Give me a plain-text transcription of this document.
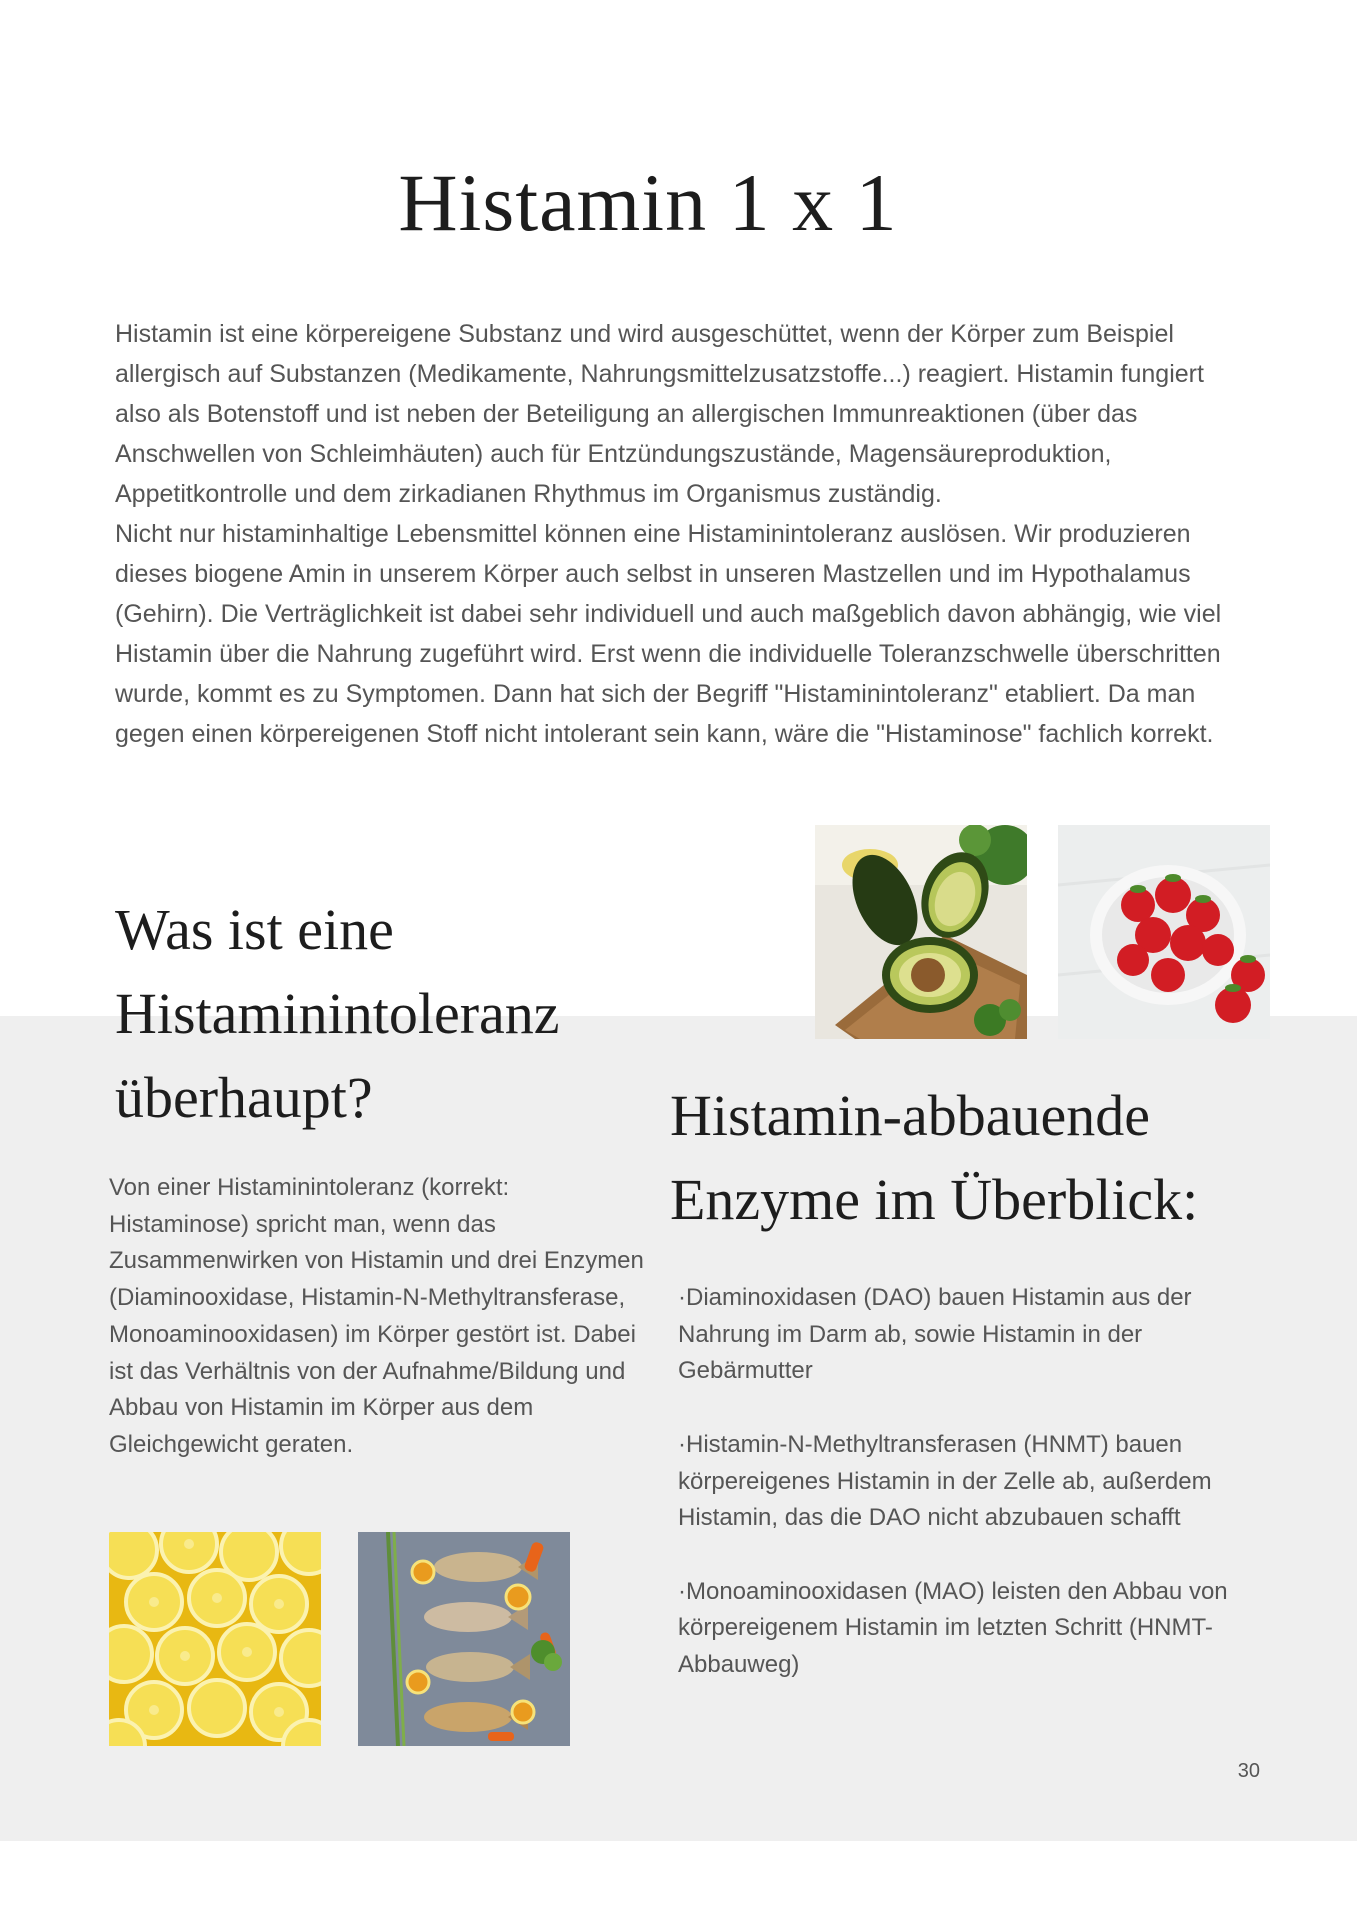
Histamin 1 x 1

Histamin ist eine körpereigene Substanz und wird ausgeschüttet, wenn der Körper zum Beispiel allergisch auf Substanzen (Medikamente, Nahrungsmittelzusatzstoffe...) reagiert. Histamin fungiert also als Botenstoff und ist neben der Beteiligung an allergischen Immunreaktionen (über das Anschwellen von Schleimhäuten) auch für Entzündungszustände, Magensäureproduktion, Appetitkontrolle und dem zirkadianen Rhythmus im Organismus zuständig.

Nicht nur histaminhaltige Lebensmittel können eine Histaminintoleranz auslösen. Wir produzieren dieses biogene Amin in unserem Körper auch selbst in unseren Mastzellen und im Hypothalamus (Gehirn). Die Verträglichkeit ist dabei sehr individuell und auch maßgeblich davon abhängig, wie viel Histamin über die Nahrung zugeführt wird. Erst wenn die individuelle Toleranzschwelle überschritten wurde, kommt es zu Symptomen. Dann hat sich der Begriff "Histaminintoleranz" etabliert. Da man gegen einen körpereigenen Stoff nicht intolerant sein kann, wäre die "Histaminose" fachlich korrekt.

Was ist eine Histaminintoleranz überhaupt?	Histamin-abbauende Enzyme im Überblick:

Von einer Histaminintoleranz (korrekt: Histaminose) spricht man, wenn das Zusammenwirken von Histamin und drei Enzymen (Diaminooxidase, Histamin-N-Methyltransferase, Monoaminooxidasen) im Körper gestört ist. Dabei ist das Verhältnis von der Aufnahme/Bildung und Abbau von Histamin im Körper aus dem Gleichgewicht geraten.

·Diaminoxidasen (DAO) bauen Histamin aus der Nahrung im Darm ab, sowie Histamin in der Gebärmutter
·Histamin-N-Methyltransferasen (HNMT) bauen körpereigenes Histamin in der Zelle ab, außerdem Histamin, das die DAO nicht abzubauen schafft
·Monoaminooxidasen (MAO) leisten den Abbau von körpereigenem Histamin im letzten Schritt (HNMT-Abbauweg)
30
